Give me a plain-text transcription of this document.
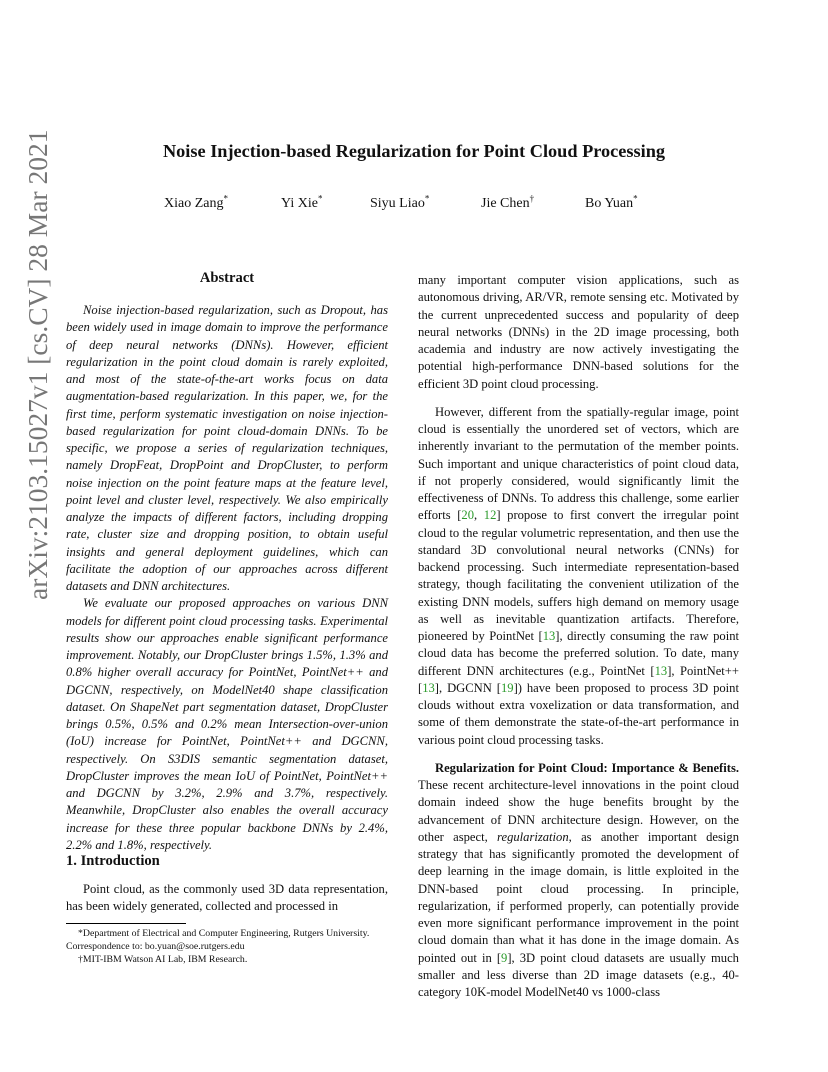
arXiv:2103.15027v1 [cs.CV] 28 Mar 2021	Noise Injection-based Regularization for Point Cloud Processing
Xiao Zang*	Yi Xie*	Siyu Liao*	Jie Chen†	Bo Yuan*
Abstract

Noise injection-based regularization, such as Dropout, has been widely used in image domain to improve the performance of deep neural networks (DNNs). However, efficient regularization in the point cloud domain is rarely exploited, and most of the state-of-the-art works focus on data augmentation-based regularization. In this paper, we, for the first time, perform systematic investigation on noise injection-based regularization for point cloud-domain DNNs. To be specific, we propose a series of regularization techniques, namely DropFeat, DropPoint and DropCluster, to perform noise injection on the point feature maps at the feature level, point level and cluster level, respectively. We also empirically analyze the impacts of different factors, including dropping rate, cluster size and dropping position, to obtain useful insights and general deployment guidelines, which can facilitate the adoption of our approaches across different datasets and DNN architectures.

We evaluate our proposed approaches on various DNN models for different point cloud processing tasks. Experimental results show our approaches enable significant performance improvement. Notably, our DropCluster brings 1.5%, 1.3% and 0.8% higher overall accuracy for PointNet, PointNet++ and DGCNN, respectively, on ModelNet40 shape classification dataset. On ShapeNet part segmentation dataset, DropCluster brings 0.5%, 0.5% and 0.2% mean Intersection-over-union (IoU) increase for PointNet, PointNet++ and DGCNN, respectively. On S3DIS semantic segmentation dataset, DropCluster improves the mean IoU of PointNet, PointNet++ and DGCNN by 3.2%, 2.9% and 3.7%, respectively. Meanwhile, DropCluster also enables the overall accuracy increase for these three popular backbone DNNs by 2.4%, 2.2% and 1.8%, respectively.

1. Introduction

Point cloud, as the commonly used 3D data representation, has been widely generated, collected and processed in

*Department of Electrical and Computer Engineering, Rutgers University. Correspondence to: bo.yuan@soe.rutgers.edu

†MIT-IBM Watson AI Lab, IBM Research.

many important computer vision applications, such as autonomous driving, AR/VR, remote sensing etc. Motivated by the current unprecedented success and popularity of deep neural networks (DNNs) in the 2D image processing, both academia and industry are now actively investigating the potential high-performance DNN-based solutions for the efficient 3D point cloud processing.

However, different from the spatially-regular image, point cloud is essentially the unordered set of vectors, which are inherently invariant to the permutation of the member points. Such important and unique characteristics of point cloud data, if not properly considered, would significantly limit the effectiveness of DNNs. To address this challenge, some earlier efforts [20, 12] propose to first convert the irregular point cloud to the regular volumetric representation, and then use the standard 3D convolutional neural networks (CNNs) for backend processing. Such intermediate representation-based strategy, though facilitating the convenient utilization of the existing DNN models, suffers high demand on memory usage as well as inevitable quantization artifacts. Therefore, pioneered by PointNet [13], directly consuming the raw point cloud data has become the preferred solution. To date, many different DNN architectures (e.g., PointNet [13], PointNet++ [13], DGCNN [19]) have been proposed to process 3D point clouds without extra voxelization or data transformation, and some of them demonstrate the state-of-the-art performance in various point cloud processing tasks.

Regularization for Point Cloud: Importance & Benefits. These recent architecture-level innovations in the point cloud domain indeed show the huge benefits brought by the advancement of DNN architecture design. However, on the other aspect, regularization, as another important design strategy that has significantly promoted the development of deep learning in the image domain, is little exploited in the DNN-based point cloud processing. In principle, regularization, if performed properly, can potentially provide even more significant performance improvement in the point cloud domain than what it has done in the image domain. As pointed out in [9], 3D point cloud datasets are usually much smaller and less diverse than 2D image datasets (e.g., 40-category 10K-model ModelNet40 vs 1000-class
